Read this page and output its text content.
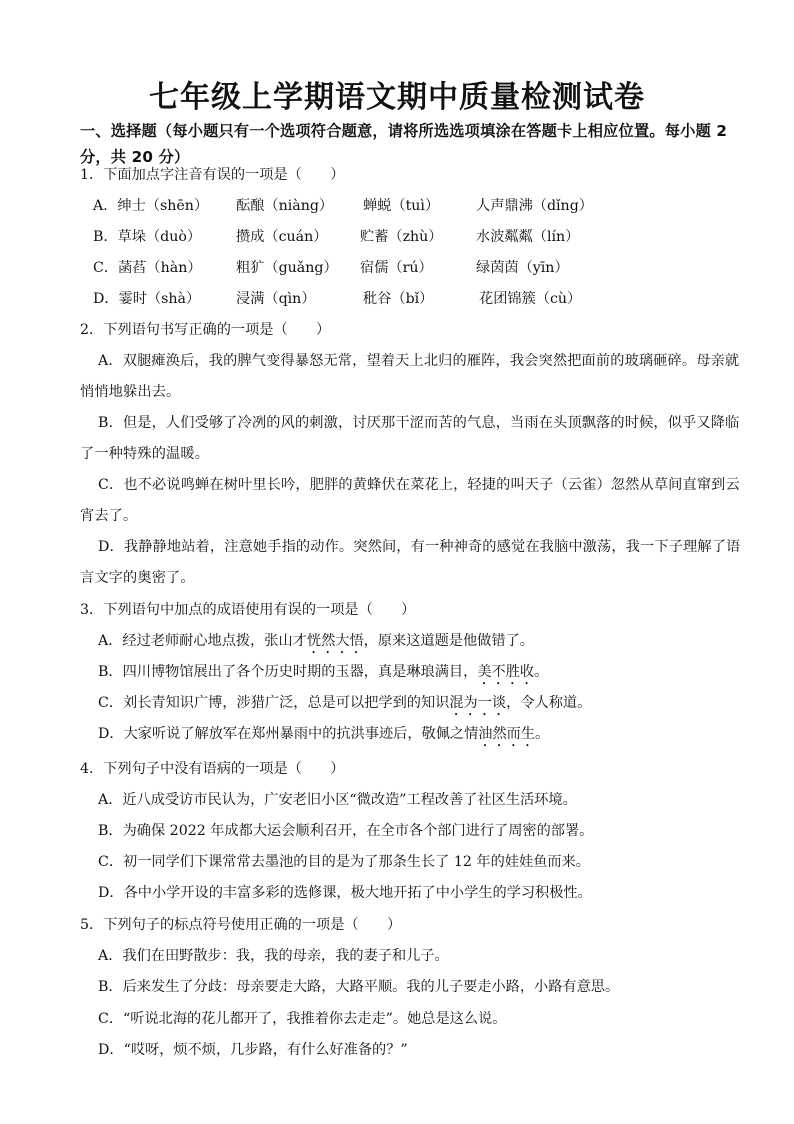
七年级上学期语文期中质量检测试卷
一、选择题（每小题只有一个选项符合题意，请将所选选项填涂在答题卡上相应位置。每小题 2 分，共 20 分）
1．下面加点字注音有误的一项是（　　）
A．绅士（shēn） 酝酿（niàng） 蝉蜕（tuì）	人声鼎沸（dǐng）
B．草垛（duò） 攒成（cuán） 贮蓄（zhù） 水波粼粼（lín）
C．菡萏（hàn） 粗犷（guǎng） 宿儒（rú）	绿茵茵（yīn）
D．霎时（shà）	浸满（qìn）	秕谷（bǐ）	花团锦簇（cù）
2．下列语句书写正确的一项是（　　）
A．双腿瘫涣后，我的脾气变得暴怒无常，望着天上北归的雁阵，我会突然把面前的玻璃砸碎。母亲就悄悄地躲出去。
B．但是，人们受够了冷冽的风的刺激，讨厌那干涩而苦的气息，当雨在头顶飘落的时候，似乎又降临了一种特殊的温暖。
C．也不必说鸣蝉在树叶里长吟，肥胖的黄蜂伏在菜花上，轻捷的叫天子（云雀）忽然从草间直窜到云宵去了。
D．我静静地站着，注意她手指的动作。突然间，有一种神奇的感觉在我脑中激荡，我一下子理解了语言文字的奥密了。
3．下列语句中加点的成语使用有误的一项是（　　）
A．经过老师耐心地点拨，张山才恍然大悟，原来这道题是他做错了。
B．四川博物馆展出了各个历史时期的玉器，真是琳琅满目，美不胜收。
C．刘长青知识广博，涉猎广泛，总是可以把学到的知识混为一谈，令人称道。
D．大家听说了解放军在郑州暴雨中的抗洪事迹后，敬佩之情油然而生。
4．下列句子中没有语病的一项是（　　）
A．近八成受访市民认为，广安老旧小区“微改造”工程改善了社区生活环境。
B．为确保 2022 年成都大运会顺利召开，在全市各个部门进行了周密的部署。
C．初一同学们下课常常去墨池的目的是为了那条生长了 12 年的娃娃鱼而来。
D．各中小学开设的丰富多彩的选修课，极大地开拓了中小学生的学习积极性。
5．下列句子的标点符号使用正确的一项是（　　）
A．我们在田野散步：我，我的母亲，我的妻子和儿子。
B．后来发生了分歧：母亲要走大路，大路平顺。我的儿子要走小路，小路有意思。
C．“听说北海的花儿都开了，我推着你去走走”。她总是这么说。
D．“哎呀，烦不烦，几步路，有什么好准备的？”
